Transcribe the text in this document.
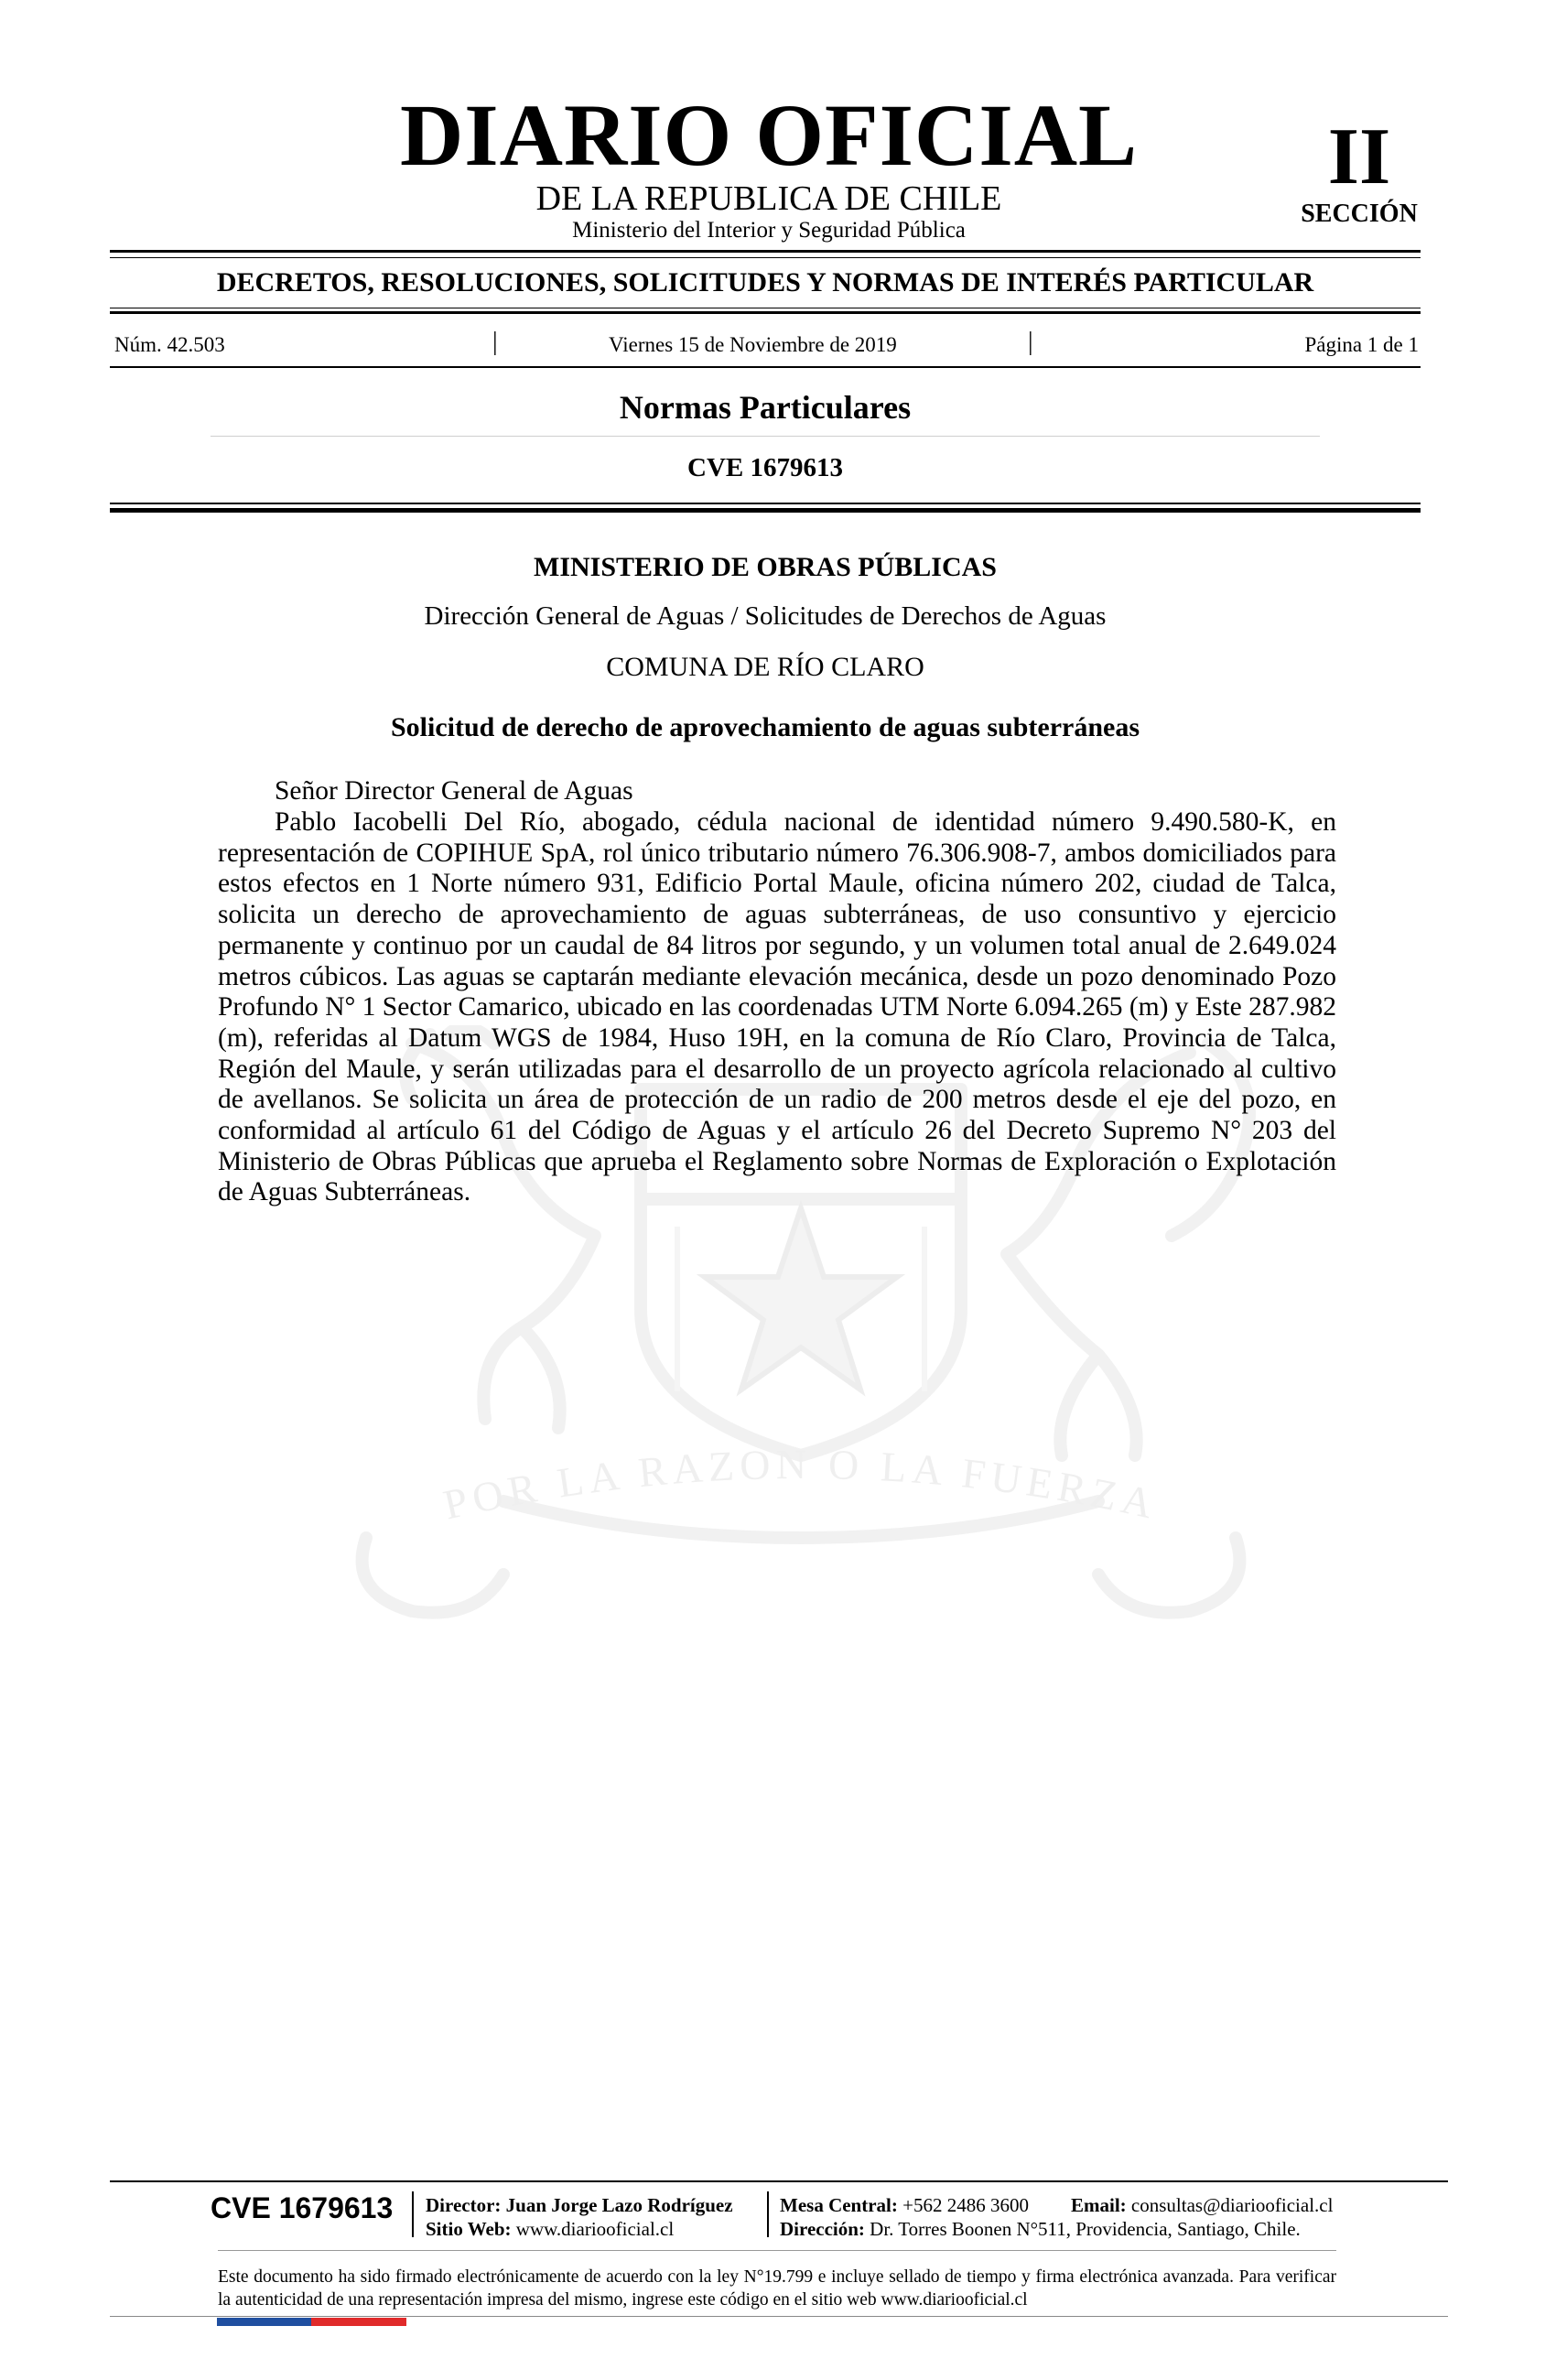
POR LA RAZON O LA FUERZA
DIARIO OFICIAL
DE LA REPUBLICA DE CHILE
Ministerio del Interior y Seguridad Pública
II
SECCIÓN
DECRETOS, RESOLUCIONES, SOLICITUDES Y NORMAS DE INTERÉS PARTICULAR
Núm. 42.503	|	Viernes 15 de Noviembre de 2019	|	Página 1 de 1
Normas Particulares
CVE 1679613
MINISTERIO DE OBRAS PÚBLICAS
Dirección General de Aguas / Solicitudes de Derechos de Aguas
COMUNA DE RÍO CLARO
Solicitud de derecho de aprovechamiento de aguas subterráneas
Señor Director General de Aguas

Pablo Iacobelli Del Río, abogado, cédula nacional de identidad número 9.490.580-K, en representación de COPIHUE SpA, rol único tributario número 76.306.908-7, ambos domiciliados para estos efectos en 1 Norte número 931, Edificio Portal Maule, oficina número 202, ciudad de Talca, solicita un derecho de aprovechamiento de aguas subterráneas, de uso consuntivo y ejercicio permanente y continuo por un caudal de 84 litros por segundo, y un volumen total anual de 2.649.024 metros cúbicos. Las aguas se captarán mediante elevación mecánica, desde un pozo denominado Pozo Profundo N° 1 Sector Camarico, ubicado en las coordenadas UTM Norte 6.094.265 (m) y Este 287.982 (m), referidas al Datum WGS de 1984, Huso 19H, en la comuna de Río Claro, Provincia de Talca, Región del Maule, y serán utilizadas para el desarrollo de un proyecto agrícola relacionado al cultivo de avellanos. Se solicita un área de protección de un radio de 200 metros desde el eje del pozo, en conformidad al artículo 61 del Código de Aguas y el artículo 26 del Decreto Supremo N° 203 del Ministerio de Obras Públicas que aprueba el Reglamento sobre Normas de Exploración o Explotación de Aguas Subterráneas.

CVE 1679613 Director: Juan Jorge Lazo Rodríguez
Sitio Web: www.diariooficial.cl
Mesa Central: +562 2486 3600 Email: consultas@diariooficial.cl
Dirección: Dr. Torres Boonen N°511, Providencia, Santiago, Chile.

Este documento ha sido firmado electrónicamente de acuerdo con la ley N°19.799 e incluye sellado de tiempo y firma electrónica avanzada. Para verificar la autenticidad de una representación impresa del mismo, ingrese este código en el sitio web www.diariooficial.cl
